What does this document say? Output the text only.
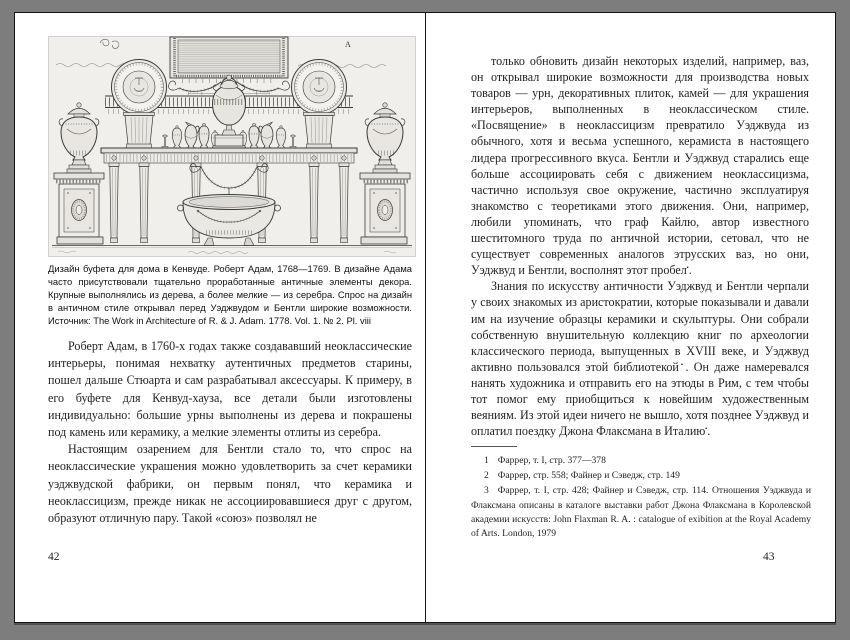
A

Дизайн буфета для дома в Кенвуде. Роберт Адам, 1768—1769. В дизайне Адама часто присутствовали тщательно проработанные античные элементы декора. Крупные выполнялись из дерева, а более мелкие — из серебра. Спрос на дизайн в античном стиле открывал перед Уэджвудом и Бентли широкие возможности. Источник: The Work in Architecture of R. & J. Adam. 1778. Vol. 1. № 2. Pl. viii

Роберт Адам, в 1760-х годах также создававший неоклассические интерьеры, понимая нехватку аутентичных предметов старины, пошел дальше Стюарта и сам разрабатывал аксессуары. К примеру, в его буфете для Кенвуд-хауза, все детали были изготовлены индивидуально: большие урны выполнены из дерева и покрашены под камень или керамику, а мелкие элементы отлиты из серебра.

Настоящим озарением для Бентли стало то, что спрос на неоклассические украшения можно удовлетворить за счет керамики уэджвудской фабрики, он первым понял, что керамика и неоклассицизм, прежде никак не ассоциировавшиеся друг с другом, образуют отличную пару. Такой «союз» позволял не

42

только обновить дизайн некоторых изделий, например, ваз, он открывал широкие возможности для производства новых товаров — урн, декоративных плиток, камей — для украшения интерьеров, выполненных в неоклассическом стиле. «Посвящение» в неоклассицизм превратило Уэджвуда из обычного, хотя и весьма успешного, керамиста в настоящего лидера прогрессивного вкуса. Бентли и Уэджвуд старались еще больше ассоциировать себя с движением неоклассицизма, частично используя свое окружение, частично эксплуатируя знакомство с теоретиками этого движения. Они, например, любили упоминать, что граф Кайлю, автор известного шеститомного труда по античной истории, сетовал, что не существует современных аналогов этрусских ваз, но они, Уэджвуд и Бентли, восполнят этот пробел▪.

Знания по искусству античности Уэджвуд и Бентли черпали у своих знакомых из аристократии, которые показывали и давали им на изучение образцы керамики и скульптуры. Они собрали собственную внушительную коллекцию книг по археологии классического периода, выпущенных в XVIII веке, и Уэджвуд активно пользовался этой библиотекой▪. Он даже намеревался нанять художника и отправить его на этюды в Рим, с тем чтобы тот помог ему приобщиться к новейшим художественным веяниям. Из этой идеи ничего не вышло, хотя позднее Уэджвуд и оплатил поездку Джона Флаксмана в Италию▪.

1 Фаррер, т. I, стр. 377—378

2 Фаррер, стр. 558; Файнер и Сэведж, стр. 149

3 Фаррер, т. I, стр. 428; Файнер и Сэведж, стр. 114. Отношения Уэджвуда и Флаксмана описаны в каталоге выставки работ Джона Флаксмана в Королевской академии искусств: John Flaxman R. A. : catalogue of exibition at the Royal Academy of Arts. London, 1979

43
